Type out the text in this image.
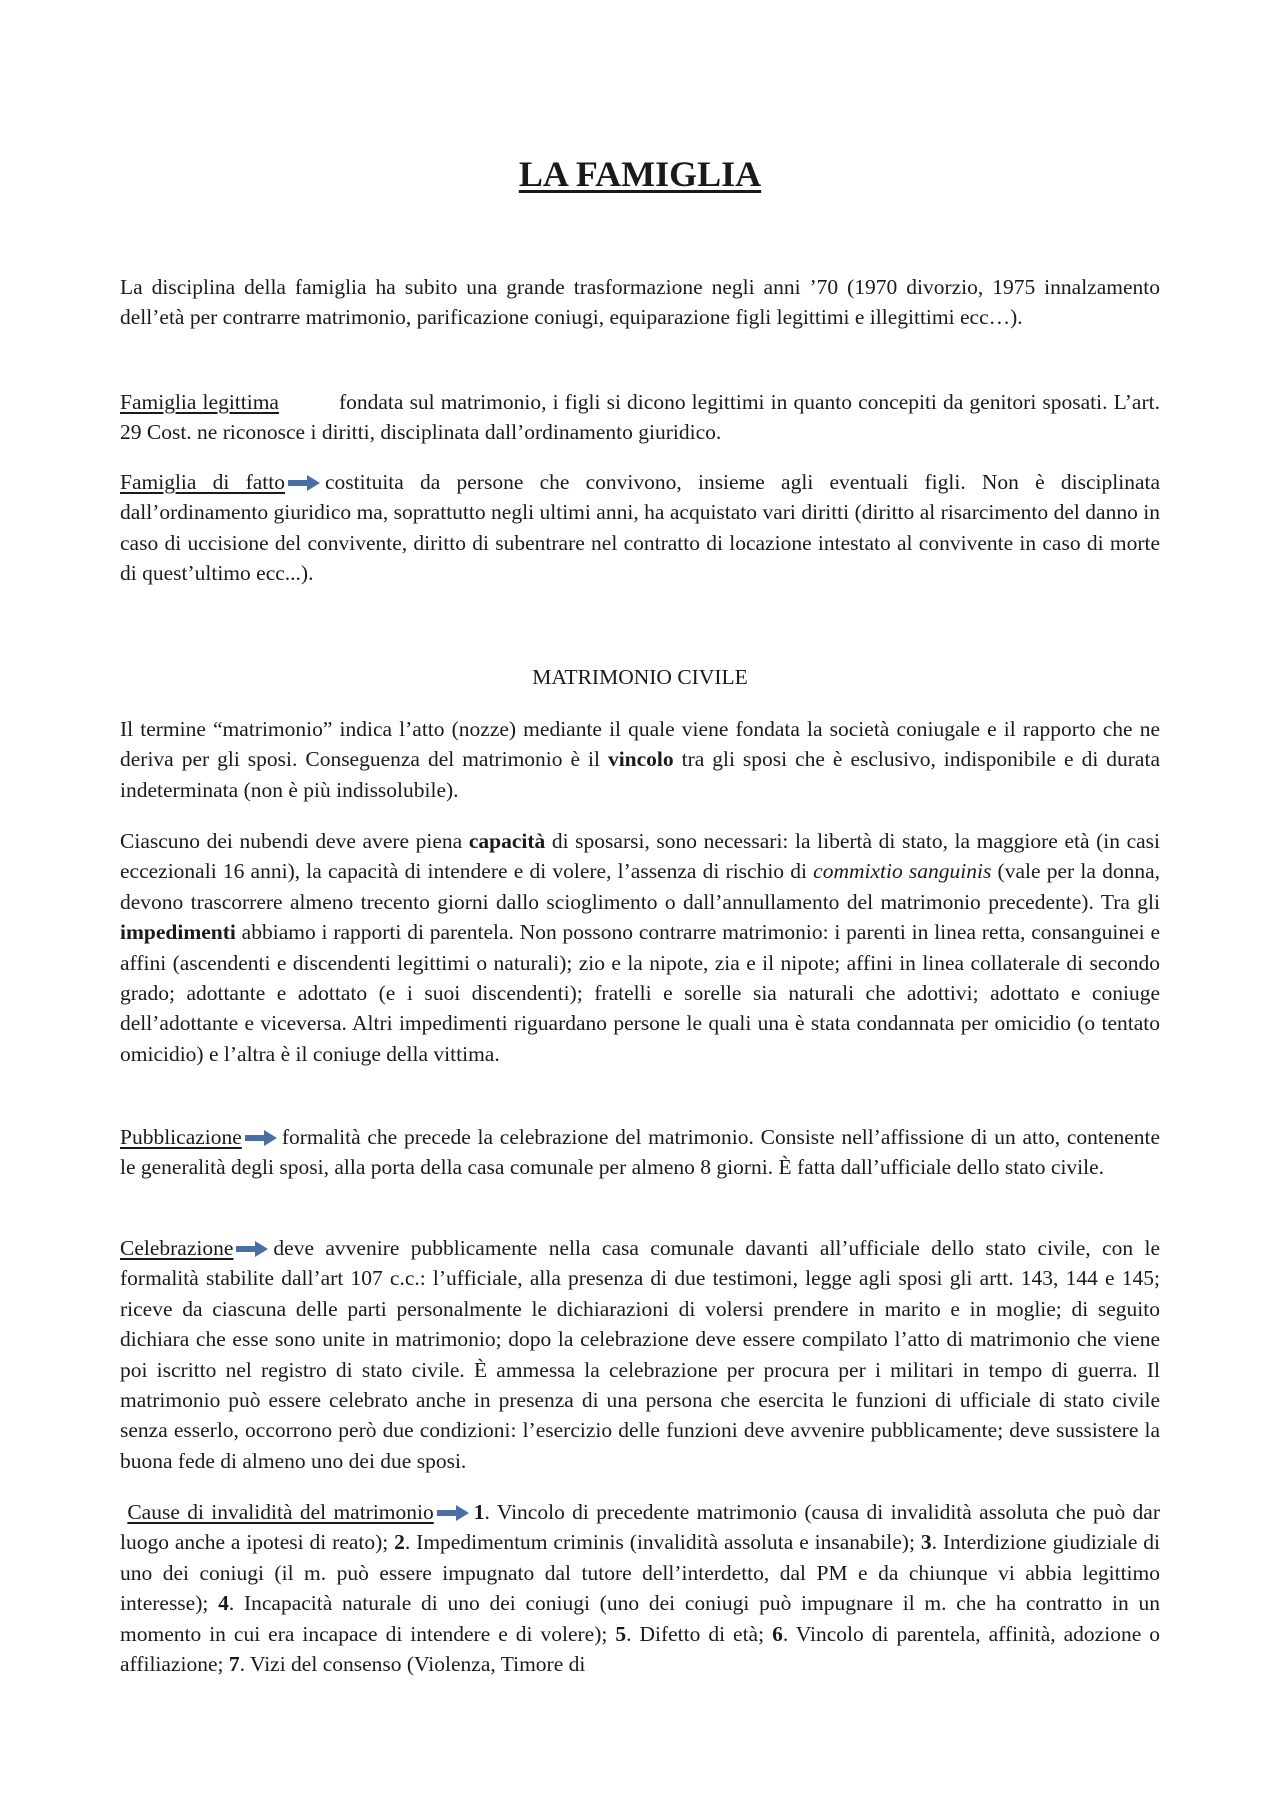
LA FAMIGLIA

La disciplina della famiglia ha subito una grande trasformazione negli anni ’70 (1970 divorzio, 1975 innalzamento dell’età per contrarre matrimonio, parificazione coniugi, equiparazione figli legittimi e illegittimi ecc…).

Famiglia legittima	fondata sul matrimonio, i figli si dicono legittimi in quanto concepiti da genitori sposati. L’art. 29 Cost. ne riconosce i diritti, disciplinata dall’ordinamento giuridico.

Famiglia di fatto costituita da persone che convivono, insieme agli eventuali figli. Non è disciplinata dall’ordinamento giuridico ma, soprattutto negli ultimi anni, ha acquistato vari diritti (diritto al risarcimento del danno in caso di uccisione del convivente, diritto di subentrare nel contratto di locazione intestato al convivente in caso di morte di quest’ultimo ecc...).

MATRIMONIO CIVILE

Il termine “matrimonio” indica l’atto (nozze) mediante il quale viene fondata la società coniugale e il rapporto che ne deriva per gli sposi. Conseguenza del matrimonio è il vincolo tra gli sposi che è esclusivo, indisponibile e di durata indeterminata (non è più indissolubile).

Ciascuno dei nubendi deve avere piena capacità di sposarsi, sono necessari: la libertà di stato, la maggiore età (in casi eccezionali 16 anni), la capacità di intendere e di volere, l’assenza di rischio di commixtio sanguinis (vale per la donna, devono trascorrere almeno trecento giorni dallo scioglimento o dall’annullamento del matrimonio precedente). Tra gli impedimenti abbiamo i rapporti di parentela. Non possono contrarre matrimonio: i parenti in linea retta, consanguinei e affini (ascendenti e discendenti legittimi o naturali); zio e la nipote, zia e il nipote; affini in linea collaterale di secondo grado; adottante e adottato (e i suoi discendenti); fratelli e sorelle sia naturali che adottivi; adottato e coniuge dell’adottante e viceversa. Altri impedimenti riguardano persone le quali una è stata condannata per omicidio (o tentato omicidio) e l’altra è il coniuge della vittima.

Pubblicazione formalità che precede la celebrazione del matrimonio. Consiste nell’affissione di un atto, contenente le generalità degli sposi, alla porta della casa comunale per almeno 8 giorni. È fatta dall’ufficiale dello stato civile.

Celebrazione deve avvenire pubblicamente nella casa comunale davanti all’ufficiale dello stato civile, con le formalità stabilite dall’art 107 c.c.: l’ufficiale, alla presenza di due testimoni, legge agli sposi gli artt. 143, 144 e 145; riceve da ciascuna delle parti personalmente le dichiarazioni di volersi prendere in marito e in moglie; di seguito dichiara che esse sono unite in matrimonio; dopo la celebrazione deve essere compilato l’atto di matrimonio che viene poi iscritto nel registro di stato civile. È ammessa la celebrazione per procura per i militari in tempo di guerra. Il matrimonio può essere celebrato anche in presenza di una persona che esercita le funzioni di ufficiale di stato civile senza esserlo, occorrono però due condizioni: l’esercizio delle funzioni deve avvenire pubblicamente; deve sussistere la buona fede di almeno uno dei due sposi.

Cause di invalidità del matrimonio 1. Vincolo di precedente matrimonio (causa di invalidità assoluta che può dar luogo anche a ipotesi di reato); 2. Impedimentum criminis (invalidità assoluta e insanabile); 3. Interdizione giudiziale di uno dei coniugi (il m. può essere impugnato dal tutore dell’interdetto, dal PM e da chiunque vi abbia legittimo interesse); 4. Incapacità naturale di uno dei coniugi (uno dei coniugi può impugnare il m. che ha contratto in un momento in cui era incapace di intendere e di volere); 5. Difetto di età; 6. Vincolo di parentela, affinità, adozione o affiliazione; 7. Vizi del consenso (Violenza, Timore di
